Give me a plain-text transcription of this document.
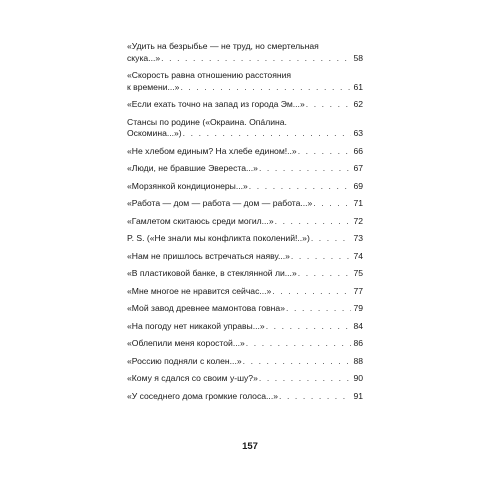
«Удить на безрыбье — не труд, но смертельная
скука...» . . .	58
«Скорость равна отношению расстояния
к времени...» . . .	61
«Если ехать точно на запад из города Эм...» . . .	62
Стансы по родине («Окраина. Опáлина.
Оскомина...») . . .	63
«Не хлебом единым? На хлебе едином!..» . . .	66
«Люди, не бравшие Эвереста...» . . .	67
«Морзянкой кондиционеры...» . . .	69
«Работа — дом — работа — дом — работа...» . . .	71
«Гамлетом скитаюсь среди могил...» . . .	72
P. S. («Не знали мы конфликта поколений!..») . . .	73
«Нам не пришлось встречаться наяву...» . . .	74
«В пластиковой банке, в стеклянной ли...» . . .	75
«Мне многое не нравится сейчас...» . . .	77
«Мой завод древнее мамонтова говна» . . .	79
«На погоду нет никакой управы...» . . .	84
«Облепили меня коростой...» . . .	86
«Россию подняли с колен...» . . .	88
«Кому я сдался со своим у-шу?» . . .	90
«У соседнего дома громкие голоса...» . . .	91
157
